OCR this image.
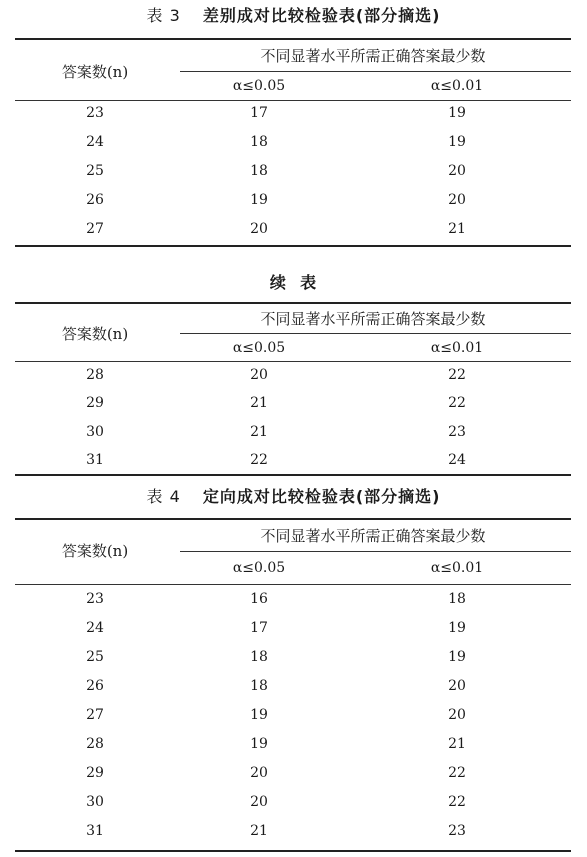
表 3 差别成对比较检验表(部分摘选)
答案数(n)
不同显著水平所需正确答案最少数
α≤0.05	α≤0.01
23	17	19
24	18	19
25	18	20
26	19	20
27	20	21
续  表
答案数(n)
不同显著水平所需正确答案最少数
α≤0.05	α≤0.01
28	20	22
29	21	22
30	21	23
31	22	24
表 4 定向成对比较检验表(部分摘选)
答案数(n)
不同显著水平所需正确答案最少数
α≤0.05	α≤0.01
23	16	18
24	17	19
25	18	19
26	18	20
27	19	20
28	19	21
29	20	22
30	20	22
31	21	23
